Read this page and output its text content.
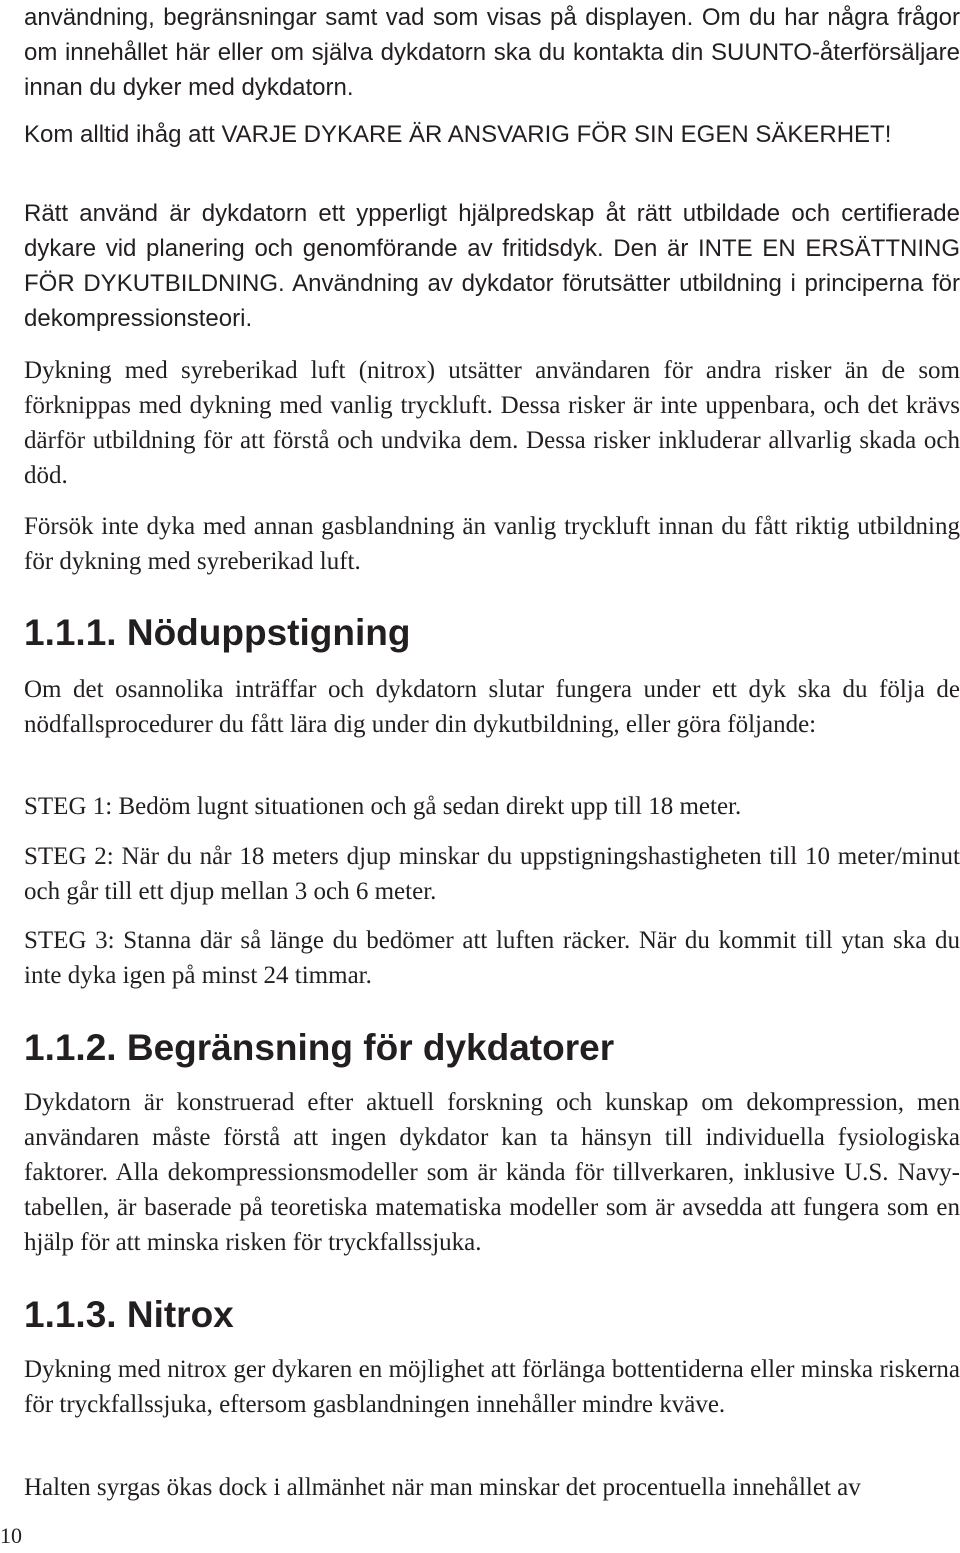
användning, begränsningar samt vad som visas på displayen. Om du har några frågor om innehållet här eller om själva dykdatorn ska du kontakta din SUUNTO-återförsäljare innan du dyker med dykdatorn.

Kom alltid ihåg att VARJE DYKARE ÄR ANSVARIG FÖR SIN EGEN SÄKERHET!

Rätt använd är dykdatorn ett ypperligt hjälpredskap åt rätt utbildade och certifierade dykare vid planering och genomförande av fritidsdyk. Den är INTE EN ERSÄTTNING FÖR DYKUTBILDNING. Användning av dykdator förutsätter utbildning i principerna för dekompressionsteori.

Dykning med syreberikad luft (nitrox) utsätter användaren för andra risker än de som förknippas med dykning med vanlig tryckluft. Dessa risker är inte uppenbara, och det krävs därför utbildning för att förstå och undvika dem. Dessa risker inkluderar allvarlig skada och död.

Försök inte dyka med annan gasblandning än vanlig tryckluft innan du fått riktig utbildning för dykning med syreberikad luft.

1.1.1. Nöduppstigning

Om det osannolika inträffar och dykdatorn slutar fungera under ett dyk ska du följa de nödfallsprocedurer du fått lära dig under din dykutbildning, eller göra följande:

STEG 1: Bedöm lugnt situationen och gå sedan direkt upp till 18 meter.

STEG 2: När du når 18 meters djup minskar du uppstigningshastigheten till 10 meter/minut och går till ett djup mellan 3 och 6 meter.

STEG 3: Stanna där så länge du bedömer att luften räcker. När du kommit till ytan ska du inte dyka igen på minst 24 timmar.

1.1.2. Begränsning för dykdatorer

Dykdatorn är konstruerad efter aktuell forskning och kunskap om dekompression, men användaren måste förstå att ingen dykdator kan ta hänsyn till individuella fysiologiska faktorer. Alla dekompressionsmodeller som är kända för tillverkaren, inklusive U.S. Navy-tabellen, är baserade på teoretiska matematiska modeller som är avsedda att fungera som en hjälp för att minska risken för tryckfallssjuka.

1.1.3. Nitrox

Dykning med nitrox ger dykaren en möjlighet att förlänga bottentiderna eller minska riskerna för tryckfallssjuka, eftersom gasblandningen innehåller mindre kväve.

Halten syrgas ökas dock i allmänhet när man minskar det procentuella innehållet av

10
